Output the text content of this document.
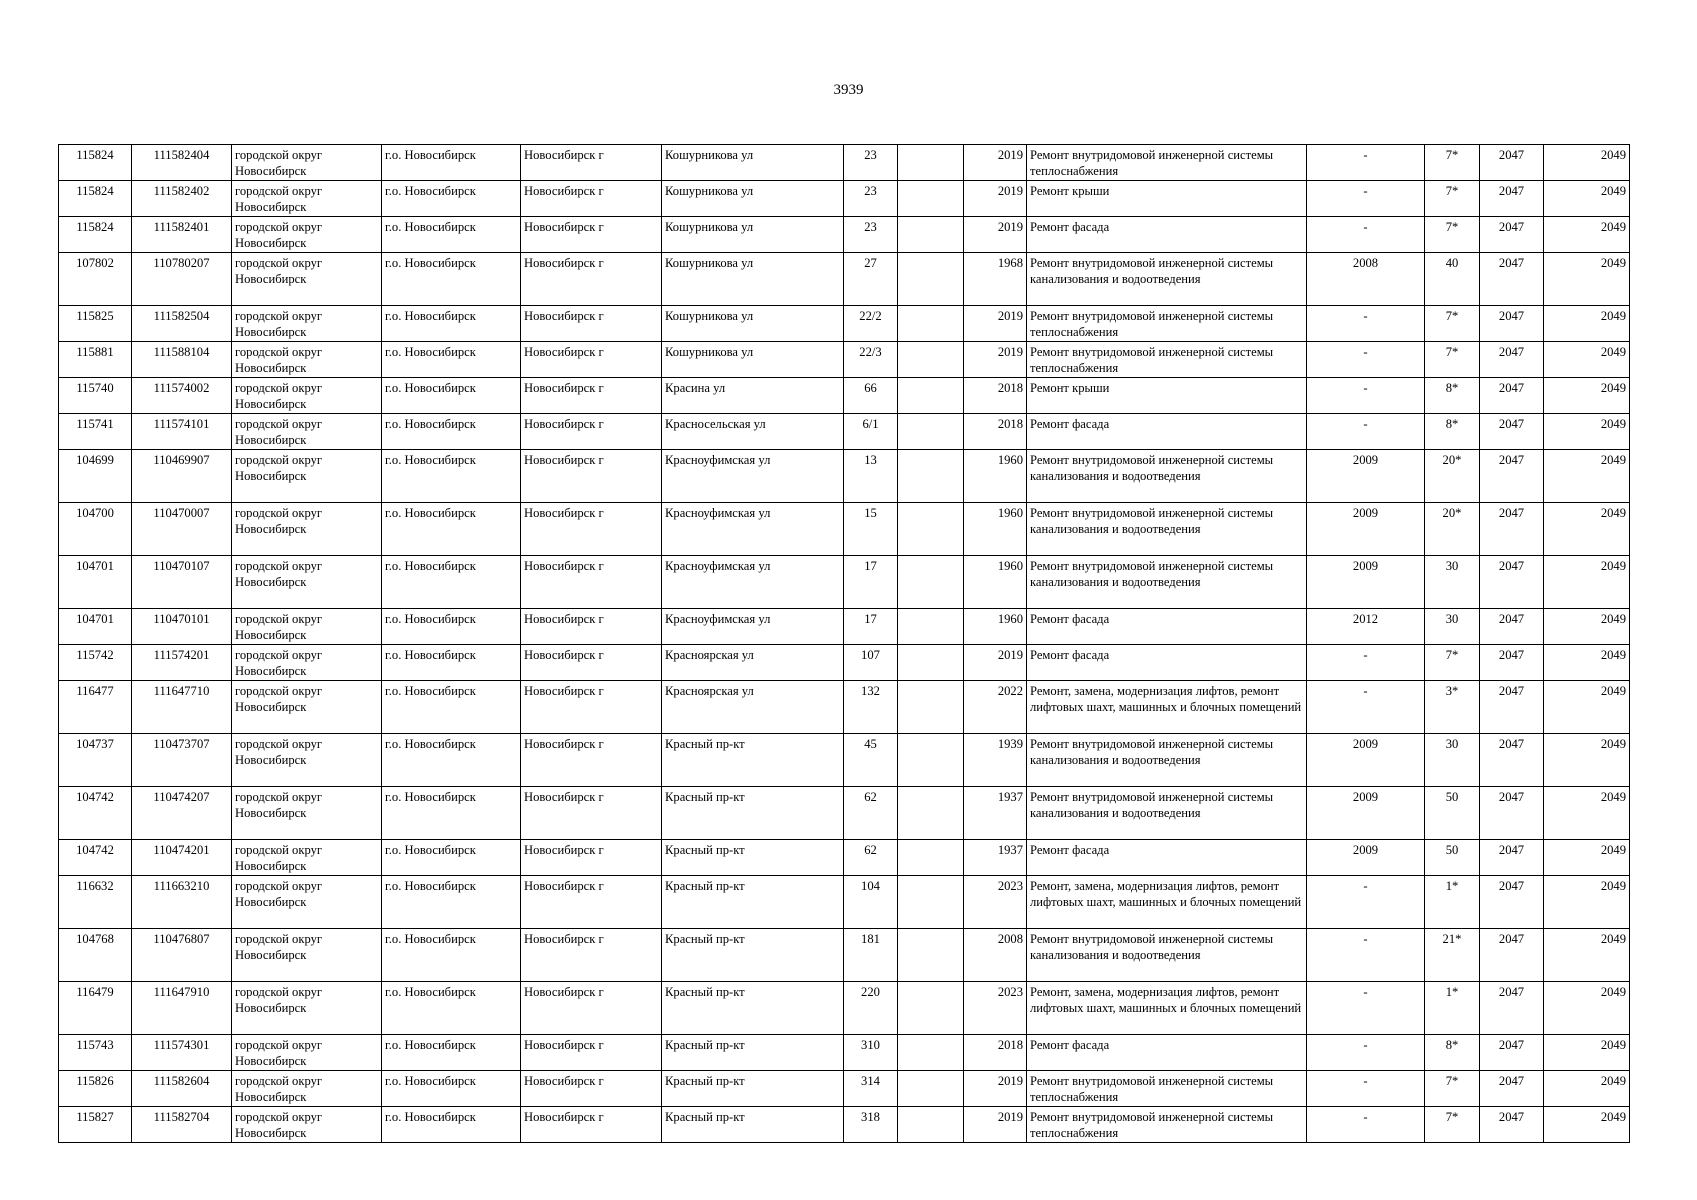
3939
115824	111582404	городской округ Новосибирск	г.о. Новосибирск	Новосибирск г	Кошурникова ул	23		2019	Ремонт внутридомовой инженерной системы теплоснабжения	-	7*	2047	2049
115824	111582402	городской округ Новосибирск	г.о. Новосибирск	Новосибирск г	Кошурникова ул	23		2019	Ремонт крыши	-	7*	2047	2049
115824	111582401	городской округ Новосибирск	г.о. Новосибирск	Новосибирск г	Кошурникова ул	23		2019	Ремонт фасада	-	7*	2047	2049
107802	110780207	городской округ Новосибирск	г.о. Новосибирск	Новосибирск г	Кошурникова ул	27		1968	Ремонт внутридомовой инженерной системы канализования и водоотведения	2008	40	2047	2049
115825	111582504	городской округ Новосибирск	г.о. Новосибирск	Новосибирск г	Кошурникова ул	22/2		2019	Ремонт внутридомовой инженерной системы теплоснабжения	-	7*	2047	2049
115881	111588104	городской округ Новосибирск	г.о. Новосибирск	Новосибирск г	Кошурникова ул	22/3		2019	Ремонт внутридомовой инженерной системы теплоснабжения	-	7*	2047	2049
115740	111574002	городской округ Новосибирск	г.о. Новосибирск	Новосибирск г	Красина ул	66		2018	Ремонт крыши	-	8*	2047	2049
115741	111574101	городской округ Новосибирск	г.о. Новосибирск	Новосибирск г	Красносельская ул	6/1		2018	Ремонт фасада	-	8*	2047	2049
104699	110469907	городской округ Новосибирск	г.о. Новосибирск	Новосибирск г	Красноуфимская ул	13		1960	Ремонт внутридомовой инженерной системы канализования и водоотведения	2009	20*	2047	2049
104700	110470007	городской округ Новосибирск	г.о. Новосибирск	Новосибирск г	Красноуфимская ул	15		1960	Ремонт внутридомовой инженерной системы канализования и водоотведения	2009	20*	2047	2049
104701	110470107	городской округ Новосибирск	г.о. Новосибирск	Новосибирск г	Красноуфимская ул	17		1960	Ремонт внутридомовой инженерной системы канализования и водоотведения	2009	30	2047	2049
104701	110470101	городской округ Новосибирск	г.о. Новосибирск	Новосибирск г	Красноуфимская ул	17		1960	Ремонт фасада	2012	30	2047	2049
115742	111574201	городской округ Новосибирск	г.о. Новосибирск	Новосибирск г	Красноярская ул	107		2019	Ремонт фасада	-	7*	2047	2049
116477	111647710	городской округ Новосибирск	г.о. Новосибирск	Новосибирск г	Красноярская ул	132		2022	Ремонт, замена, модернизация лифтов, ремонт лифтовых шахт, машинных и блочных помещений	-	3*	2047	2049
104737	110473707	городской округ Новосибирск	г.о. Новосибирск	Новосибирск г	Красный пр-кт	45		1939	Ремонт внутридомовой инженерной системы канализования и водоотведения	2009	30	2047	2049
104742	110474207	городской округ Новосибирск	г.о. Новосибирск	Новосибирск г	Красный пр-кт	62		1937	Ремонт внутридомовой инженерной системы канализования и водоотведения	2009	50	2047	2049
104742	110474201	городской округ Новосибирск	г.о. Новосибирск	Новосибирск г	Красный пр-кт	62		1937	Ремонт фасада	2009	50	2047	2049
116632	111663210	городской округ Новосибирск	г.о. Новосибирск	Новосибирск г	Красный пр-кт	104		2023	Ремонт, замена, модернизация лифтов, ремонт лифтовых шахт, машинных и блочных помещений	-	1*	2047	2049
104768	110476807	городской округ Новосибирск	г.о. Новосибирск	Новосибирск г	Красный пр-кт	181		2008	Ремонт внутридомовой инженерной системы канализования и водоотведения	-	21*	2047	2049
116479	111647910	городской округ Новосибирск	г.о. Новосибирск	Новосибирск г	Красный пр-кт	220		2023	Ремонт, замена, модернизация лифтов, ремонт лифтовых шахт, машинных и блочных помещений	-	1*	2047	2049
115743	111574301	городской округ Новосибирск	г.о. Новосибирск	Новосибирск г	Красный пр-кт	310		2018	Ремонт фасада	-	8*	2047	2049
115826	111582604	городской округ Новосибирск	г.о. Новосибирск	Новосибирск г	Красный пр-кт	314		2019	Ремонт внутридомовой инженерной системы теплоснабжения	-	7*	2047	2049
115827	111582704	городской округ Новосибирск	г.о. Новосибирск	Новосибирск г	Красный пр-кт	318		2019	Ремонт внутридомовой инженерной системы теплоснабжения	-	7*	2047	2049
